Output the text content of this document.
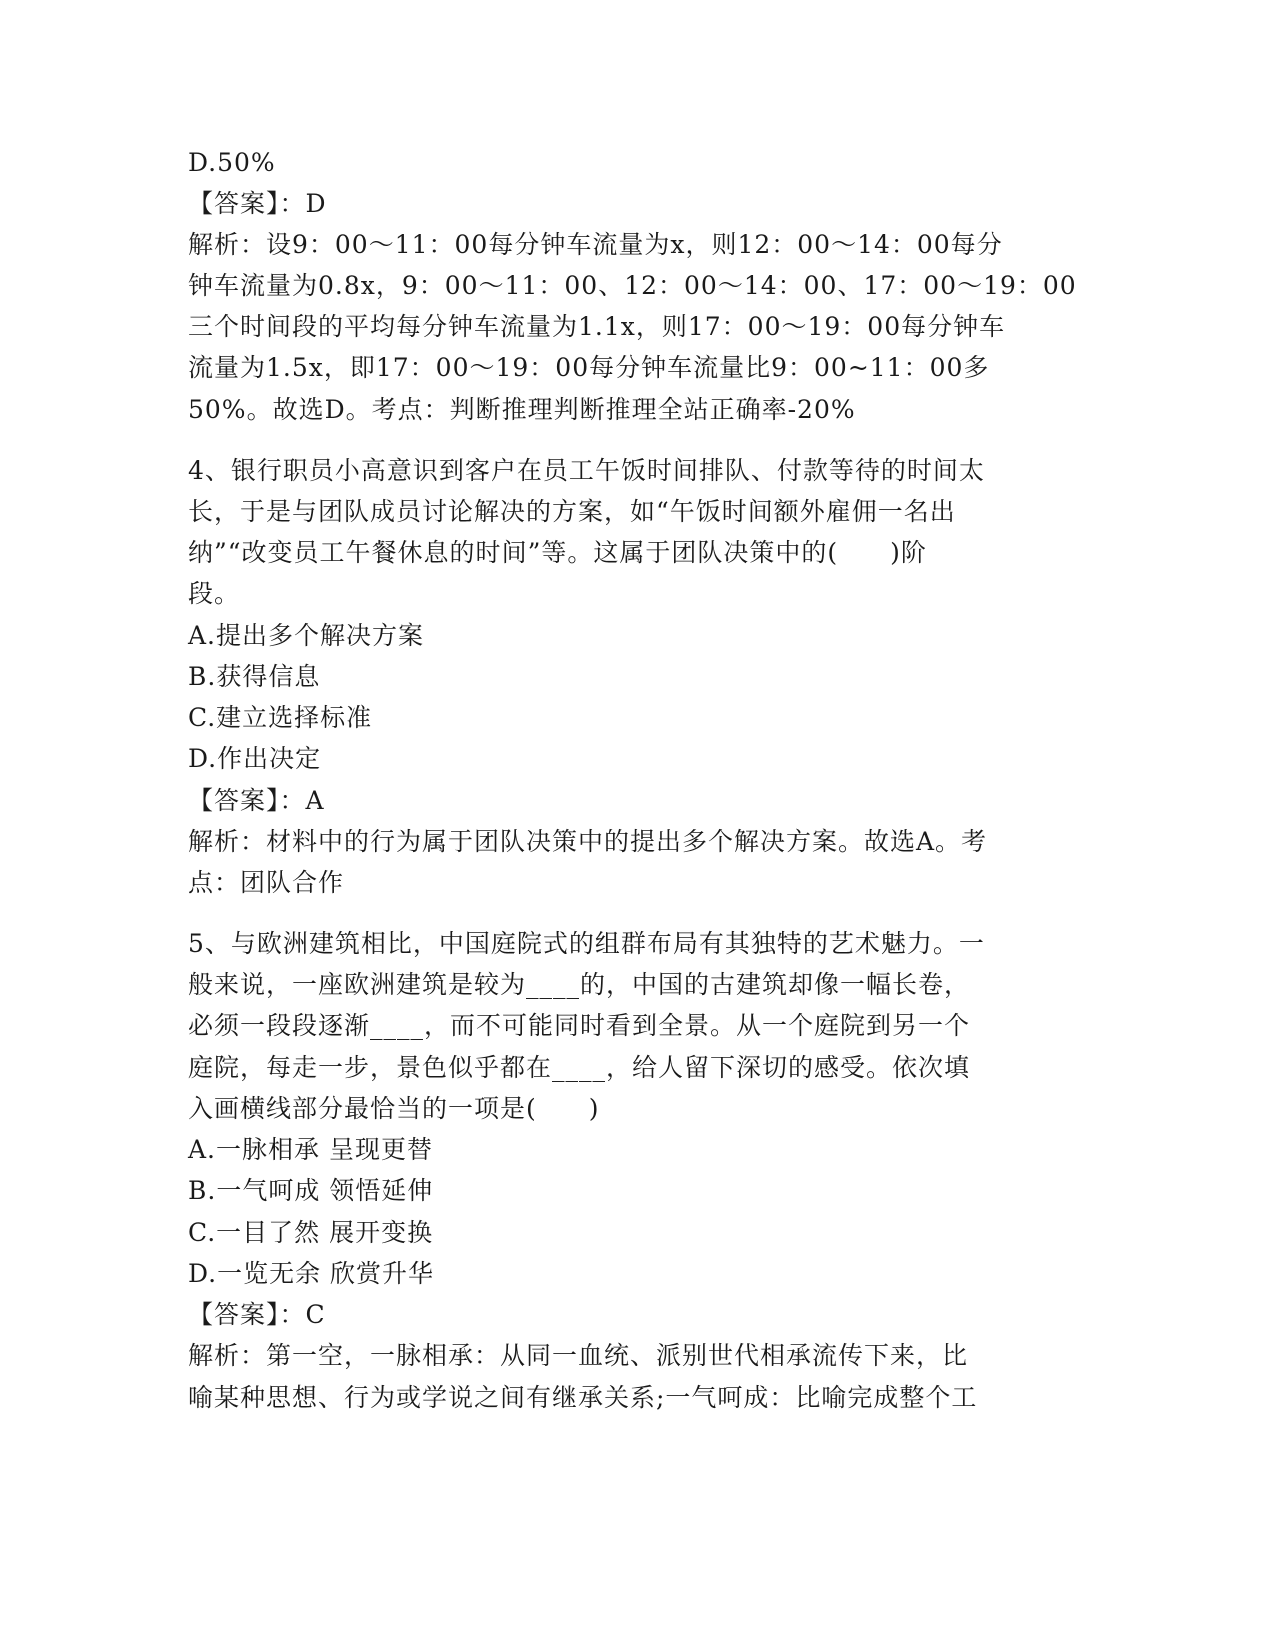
D.50%
【答案】：D
解析：设9：00～11：00每分钟车流量为x，则12：00～14：00每分
钟车流量为0.8x，9：00～11：00、12：00～14：00、17：00～19：00
三个时间段的平均每分钟车流量为1.1x，则17：00～19：00每分钟车
流量为1.5x，即17：00～19：00每分钟车流量比9：00~11：00多
50%。故选D。考点：判断推理判断推理全站正确率-20%
4、银行职员小高意识到客户在员工午饭时间排队、付款等待的时间太
长，于是与团队成员讨论解决的方案，如“午饭时间额外雇佣一名出
纳”“改变员工午餐休息的时间”等。这属于团队决策中的(　　)阶
段。
A.提出多个解决方案
B.获得信息
C.建立选择标准
D.作出决定
【答案】：A
解析：材料中的行为属于团队决策中的提出多个解决方案。故选A。考
点：团队合作
5、与欧洲建筑相比，中国庭院式的组群布局有其独特的艺术魅力。一
般来说，一座欧洲建筑是较为____的，中国的古建筑却像一幅长卷，
必须一段段逐渐____，而不可能同时看到全景。从一个庭院到另一个
庭院，每走一步，景色似乎都在____，给人留下深切的感受。依次填
入画横线部分最恰当的一项是(　　)
A.一脉相承 呈现更替
B.一气呵成 领悟延伸
C.一目了然 展开变换
D.一览无余 欣赏升华
【答案】：C
解析：第一空，一脉相承：从同一血统、派别世代相承流传下来，比
喻某种思想、行为或学说之间有继承关系;一气呵成：比喻完成整个工
